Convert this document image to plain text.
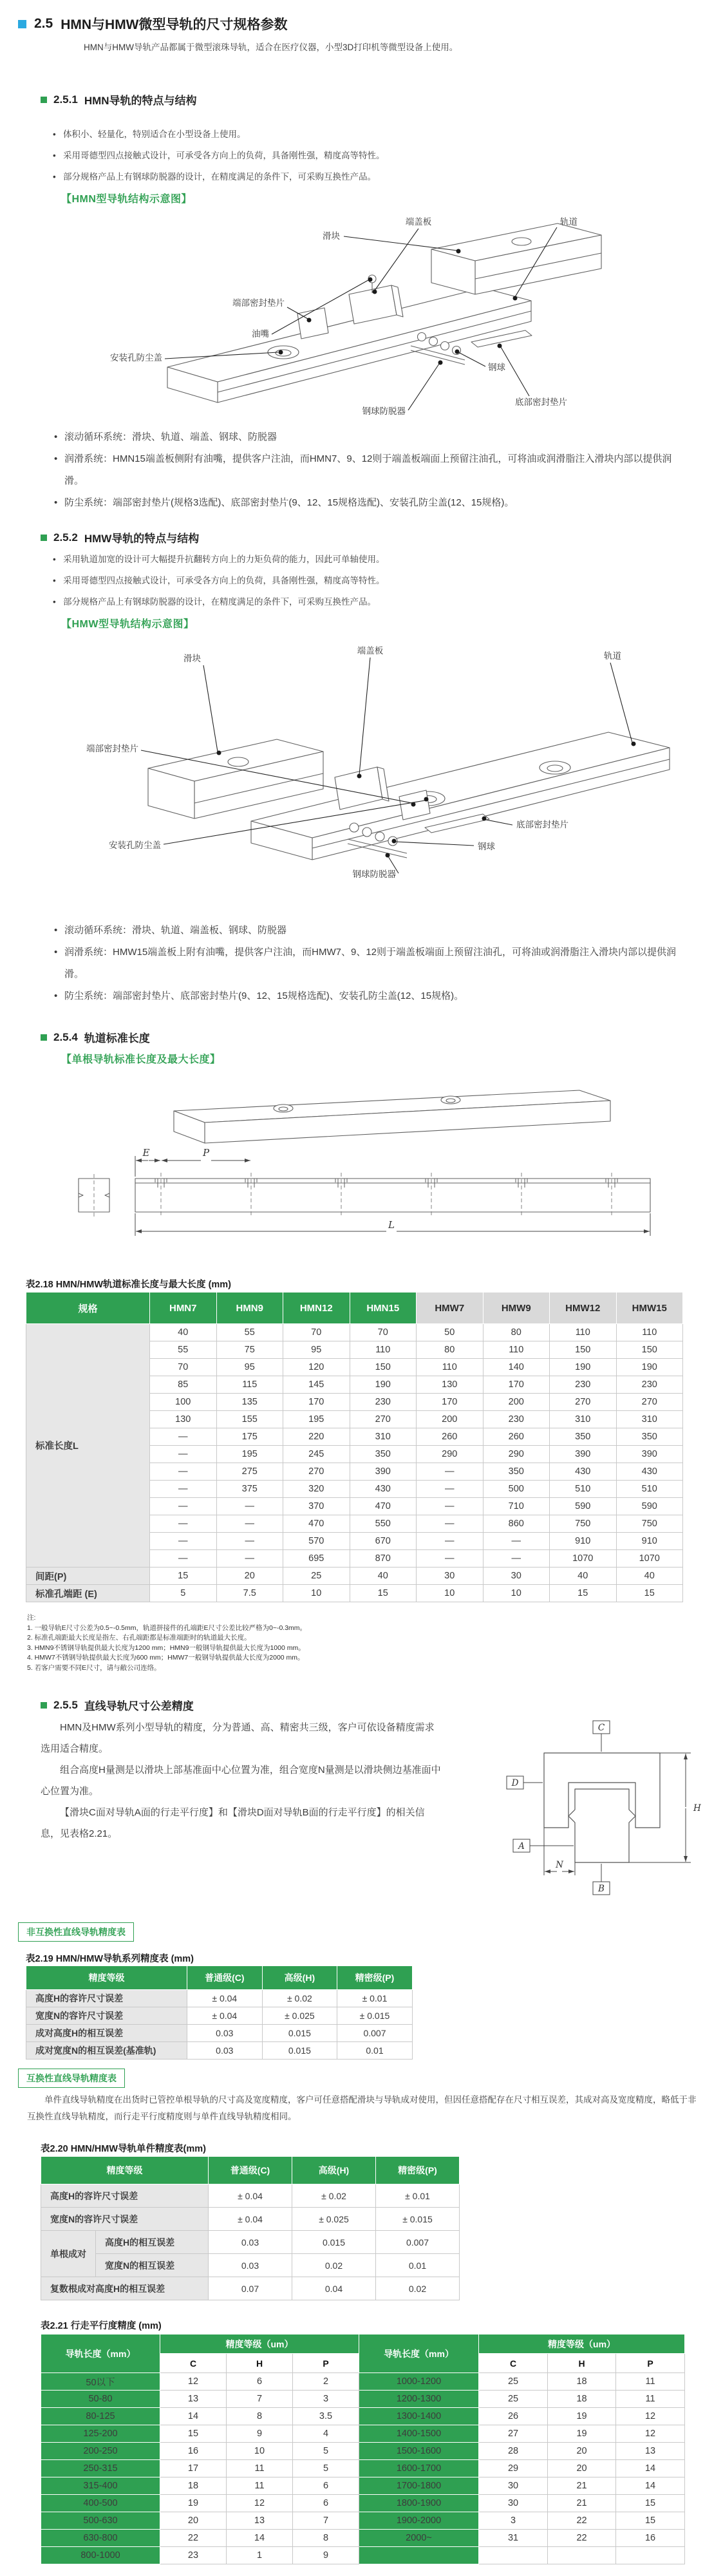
2.5 HMN与HMW微型导轨的尺寸规格参数
HMN与HMW导轨产品都属于微型滚珠导轨，适合在医疗仪器，小型3D打印机等微型设备上使用。
2.5.1 HMN导轨的特点与结构
• 体积小、轻量化，特别适合在小型设备上使用。
• 采用哥德型四点接触式设计，可承受各方向上的负荷，具备刚性强，精度高等特性。
• 部分规格产品上有钢球防脱器的设计，在精度满足的条件下，可采购互换性产品。
【HMN型导轨结构示意图】
滑块
端盖板	轨道
端部密封垫片
油嘴
安装孔防尘盖
钢球
底部密封垫片
钢球防脱器
• 滚动循环系统：滑块、轨道、端盖、钢球、防脱器
• 润滑系统：HMN15端盖板侧附有油嘴，提供客户注油，而HMN7、9、12则于端盖板端面上预留注油孔，可将油或润滑脂注入滑块内部以提供润滑。
• 防尘系统：端部密封垫片(规格3选配)、底部密封垫片(9、12、15规格选配)、安装孔防尘盖(12、15规格)。
2.5.2 HMW导轨的特点与结构
• 采用轨道加宽的设计可大幅提升抗翻转方向上的力矩负荷的能力，因此可单轴使用。
• 采用哥德型四点接触式设计，可承受各方向上的负荷，具备刚性强，精度高等特性。
• 部分规格产品上有钢球防脱器的设计，在精度满足的条件下，可采购互换性产品。
【HMW型导轨结构示意图】
滑块
端盖板
轨道
端部密封垫片
安装孔防尘盖	钢球
底部密封垫片
钢球防脱器
• 滚动循环系统：滑块、轨道、端盖板、钢球、防脱器
• 润滑系统：HMW15端盖板上附有油嘴，提供客户注油，而HMW7、9、12则于端盖板端面上预留注油孔，可将油或润滑脂注入滑块内部以提供润滑。
• 防尘系统：端部密封垫片、底部密封垫片(9、12、15规格选配)、安装孔防尘盖(12、15规格)。
2.5.4 轨道标准长度
【单根导轨标准长度及最大长度】
E	P
L
表2.18 HMN/HMW轨道标准长度与最大长度 (mm)
规格	HMN7	HMN9	HMN12	HMN15	HMW7	HMW9	HMW12	HMW15
标准长度L	40	55	70	70	50	80	110	110
	55	75	95	110	80	110	150	150
	70	95	120	150	110	140	190	190
	85	115	145	190	130	170	230	230
	100	135	170	230	170	200	270	270
	130	155	195	270	200	230	310	310
	—	175	220	310	260	260	350	350
	—	195	245	350	290	290	390	390
	—	275	270	390	—	350	430	430
	—	375	320	430	—	500	510	510
	—	—	370	470	—	710	590	590
	—	—	470	550	—	860	750	750
	—	—	570	670	—	—	910	910
	—	—	695	870	—	—	1070	1070
间距(P)	15	20	25	40	30	30	40	40
标准孔端距 (E)	5	7.5	10	15	10	10	15	15
注:
1. 一般导轨E尺寸公差为0.5~-0.5mm，轨道拼接件的孔端距E尺寸公差比较严格为0~-0.3mm。
2. 标准孔端距最大长度是指左、右孔端距都是标准端距时的轨道最大长度。
3. HMN9不锈钢导轨提供最大长度为1200 mm；HMN9一般钢导轨提供最大长度为1000 mm。
4. HMW7不锈钢导轨提供最大长度为600 mm；HMW7一般钢导轨提供最大长度为2000 mm。
5. 若客户需要不同E尺寸，请与敝公司连络。
2.5.5 直线导轨尺寸公差精度

HMN及HMW系列小型导轨的精度，分为普通、高、精密共三级，客户可依设备精度需求选用适合精度。

组合高度H量测是以滑块上部基准面中心位置为准，组合宽度N量测是以滑块侧边基准面中心位置为准。

【滑块C面对导轨A面的行走平行度】和【滑块D面对导轨B面的行走平行度】的相关信息，见表格2.21。

C
D
A
B
H
N
非互换性直线导轨精度表
表2.19 HMN/HMW导轨系列精度表 (mm)
精度等级	普通级(C)	高级(H)	精密级(P)
高度H的容许尺寸误差	± 0.04	± 0.02	± 0.01
宽度N的容许尺寸误差	± 0.04	± 0.025	± 0.015
成对高度H的相互误差	0.03	0.015	0.007
成对宽度N的相互误差(基准轨)	0.03	0.015	0.01
互换性直线导轨精度表
单件直线导轨精度在出货时已管控单根导轨的尺寸高及宽度精度，客户可任意搭配滑块与导轨成对使用，但因任意搭配存在尺寸相互误差，其成对高及宽度精度，略低于非互换性直线导轨精度，而行走平行度精度则与单件直线导轨精度相同。
表2.20 HMN/HMW导轨单件精度表(mm)
精度等级		普通级(C)	高级(H)	精密级(P)
高度H的容许尺寸误差		± 0.04	± 0.02	± 0.01
宽度N的容许尺寸误差		± 0.04	± 0.025	± 0.015
单根成对	高度H的相互误差	0.03	0.015	0.007
	宽度N的相互误差	0.03	0.02	0.01
复数根成对高度H的相互误差		0.07	0.04	0.02
表2.21 行走平行度精度 (mm)
导轨长度（mm）	精度等级（um）			导轨长度（mm）	精度等级（um）		
	C	H	P		C	H	P
50以下	12	6	2	1000-1200	25	18	11
50-80	13	7	3	1200-1300	25	18	11
80-125	14	8	3.5	1300-1400	26	19	12
125-200	15	9	4	1400-1500	27	19	12
200-250	16	10	5	1500-1600	28	20	13
250-315	17	11	5	1600-1700	29	20	14
315-400	18	11	6	1700-1800	30	21	14
400-500	19	12	6	1800-1900	30	21	15
500-630	20	13	7	1900-2000	3	22	15
630-800	22	14	8	2000~	31	22	16
800-1000	23	1	9				
